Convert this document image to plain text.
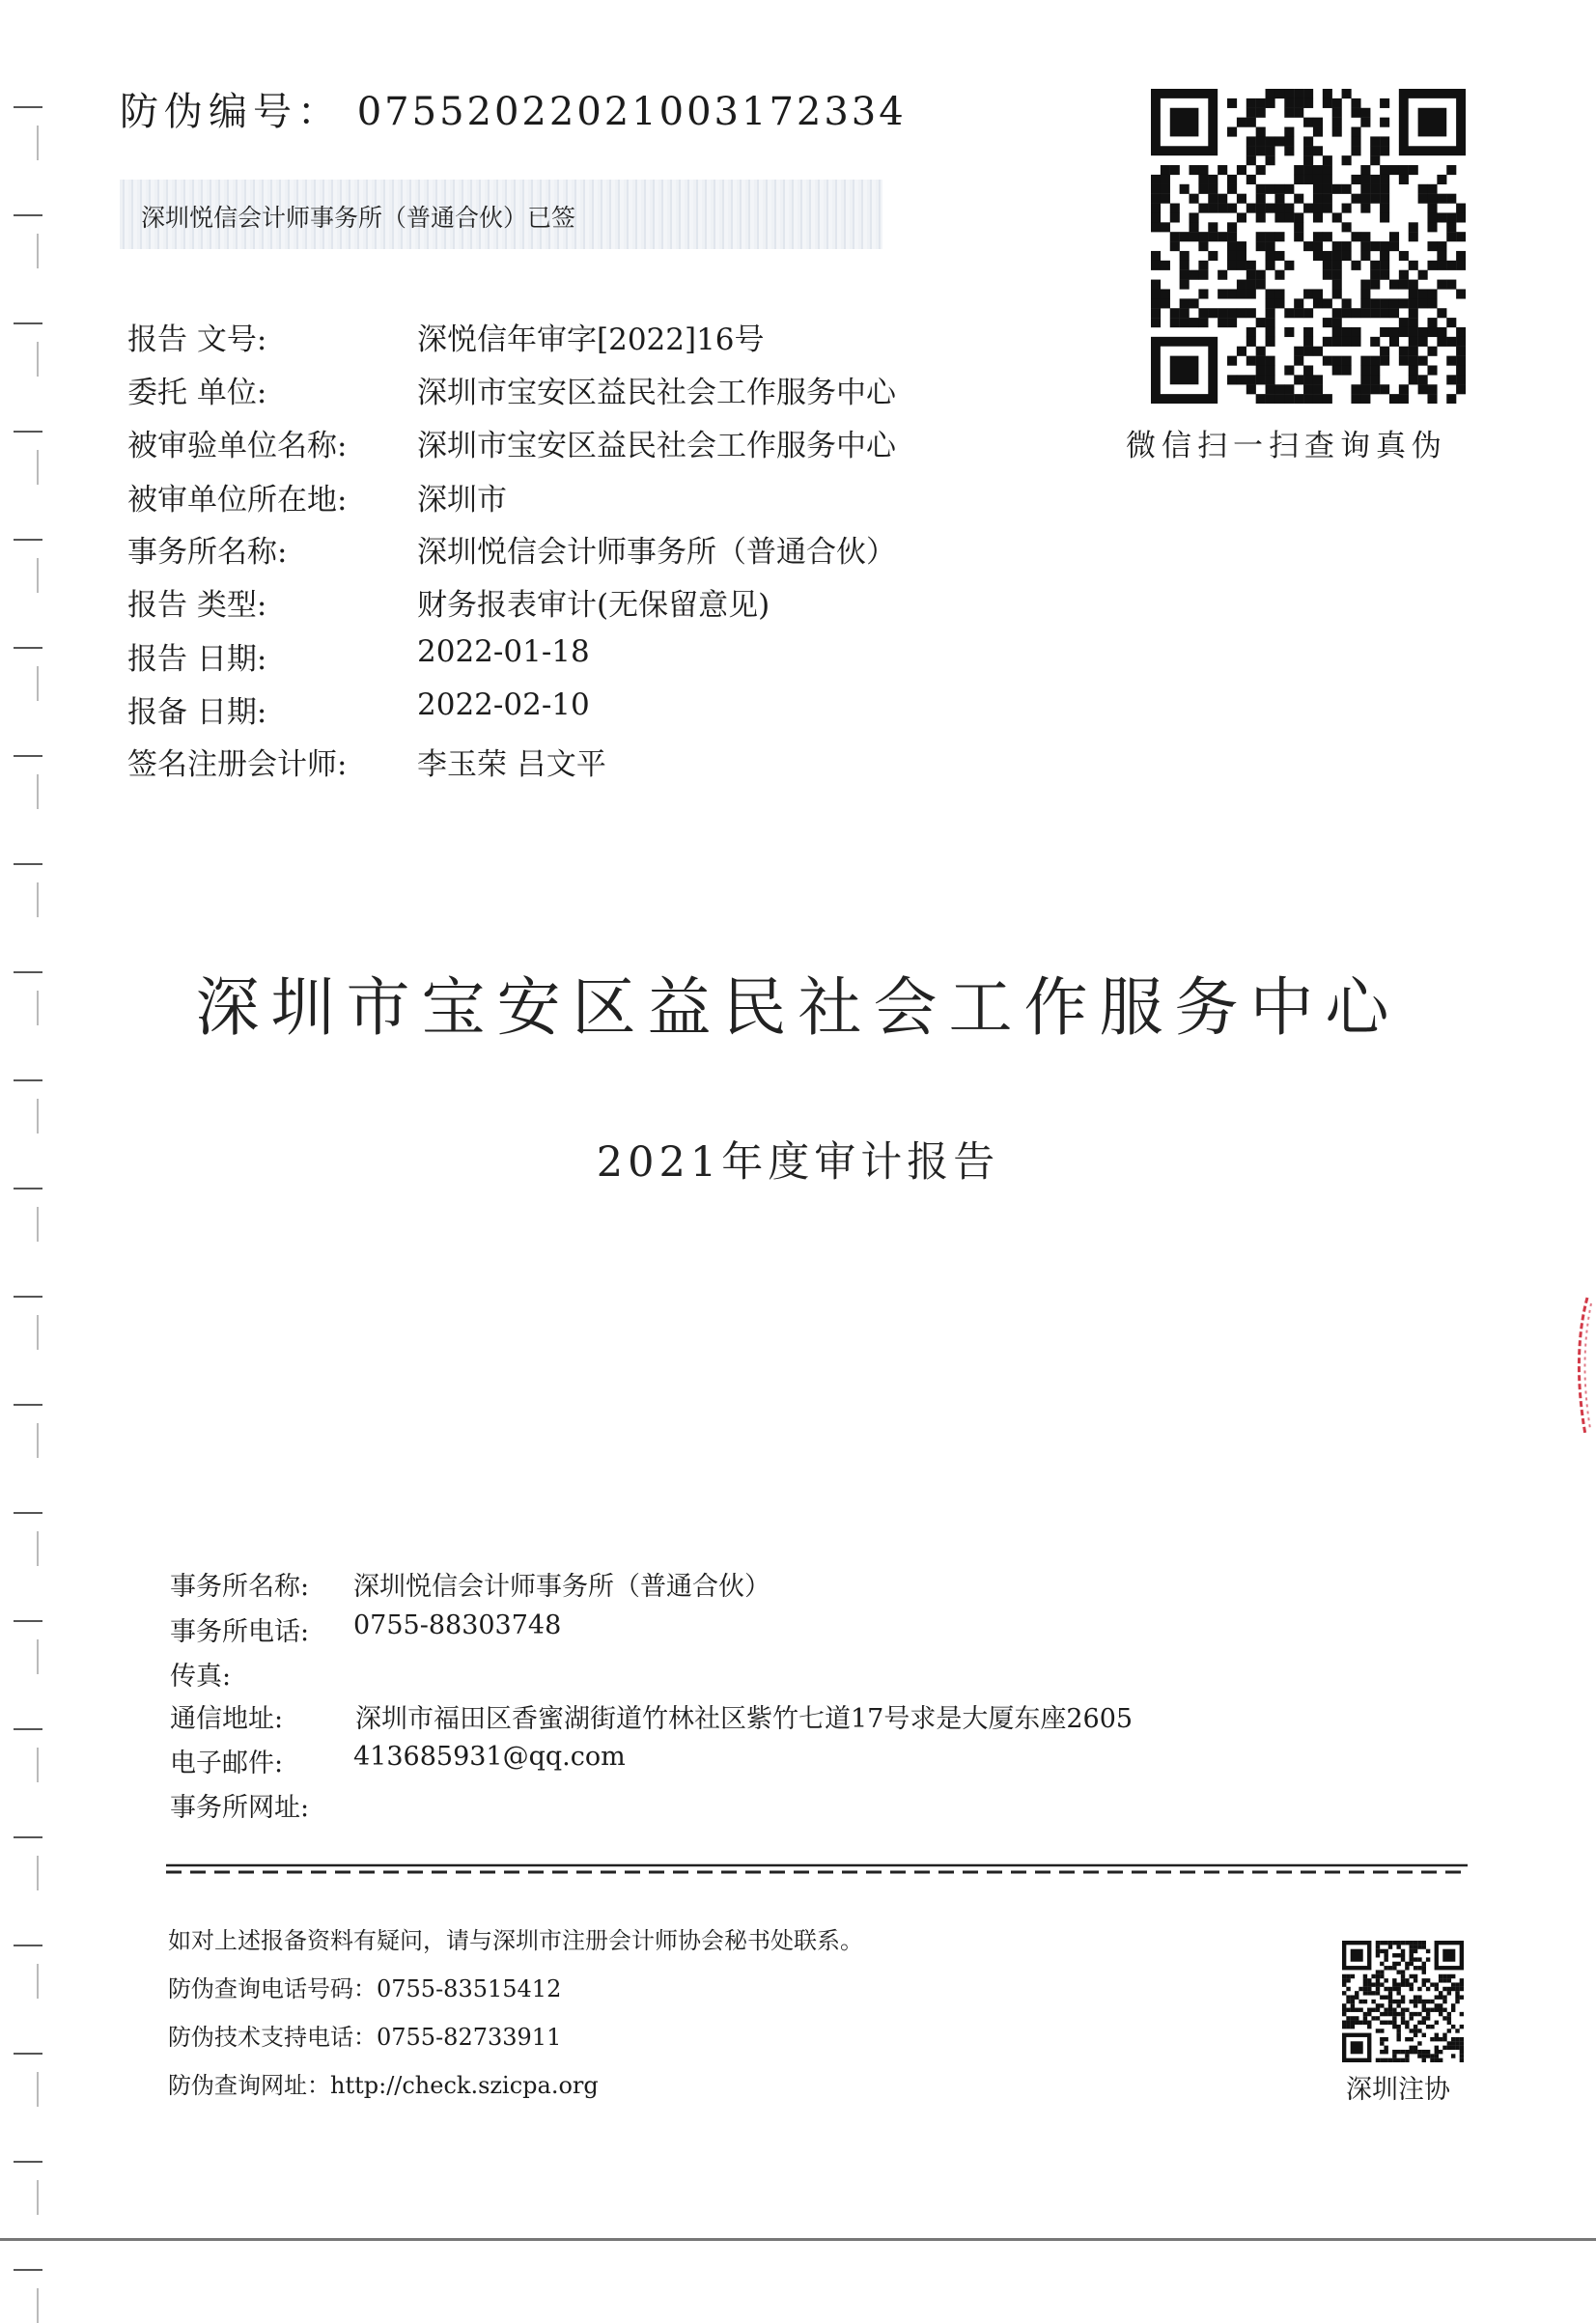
防伪编号： 07552022021003172334
深圳悦信会计师事务所（普通合伙）已签
报告 文号:	深悦信年审字[2022]16号
委托 单位:	深圳市宝安区益民社会工作服务中心
被审验单位名称: 深圳市宝安区益民社会工作服务中心
被审单位所在地: 深圳市
事务所名称:	深圳悦信会计师事务所（普通合伙）
报告 类型:	财务报表审计(无保留意见)
报告 日期:	2022-01-18
报备 日期:	2022-02-10
签名注册会计师: 李玉荣 吕文平
微信扫一扫查询真伪
深圳市宝安区益民社会工作服务中心
2021年度审计报告
事务所名称: 深圳悦信会计师事务所（普通合伙）
事务所电话: 0755-88303748
传真:
通信地址:	深圳市福田区香蜜湖街道竹林社区紫竹七道17号求是大厦东座2605
电子邮件:	413685931@qq.com
事务所网址:
如对上述报备资料有疑问，请与深圳市注册会计师协会秘书处联系。
防伪查询电话号码：0755-83515412
防伪技术支持电话：0755-82733911
防伪查询网址：http://check.szicpa.org	深圳注协
